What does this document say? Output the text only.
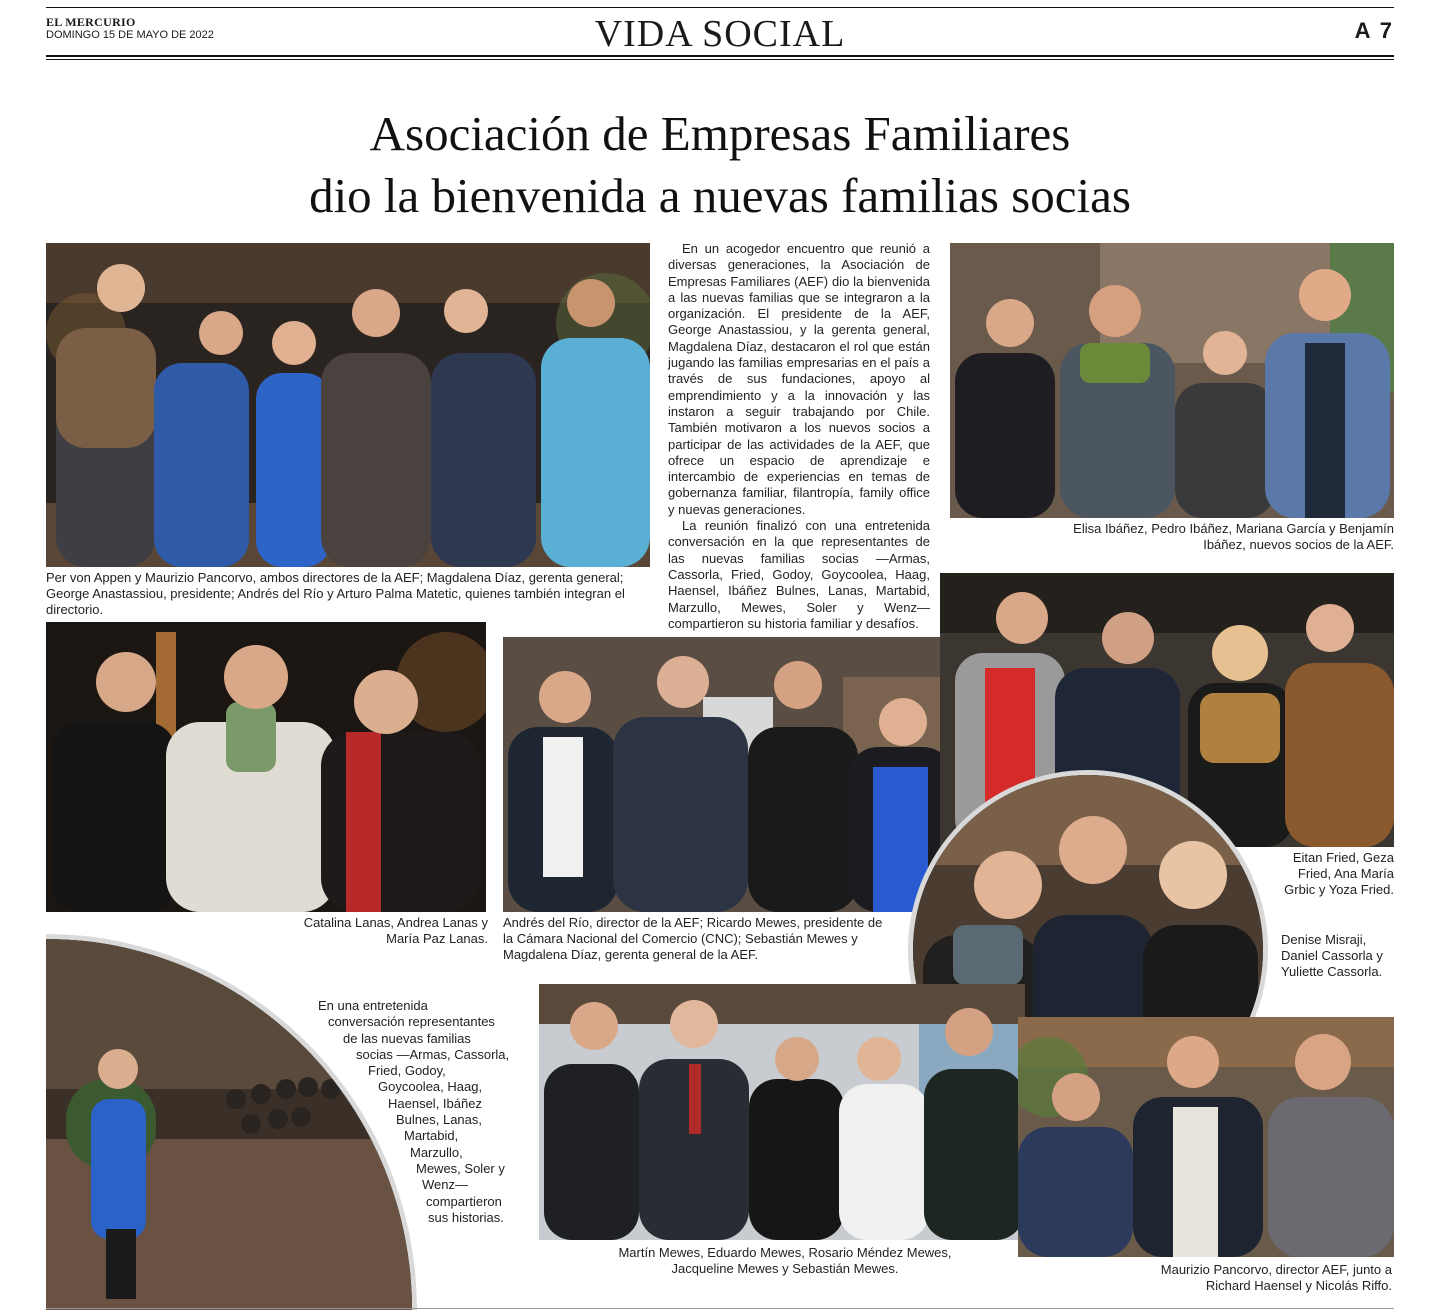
EL MERCURIO
DOMINGO 15 DE MAYO DE 2022	VIDA SOCIAL	A 7
Asociación de Empresas Familiares
dio la bienvenida a nuevas familias socias
Per von Appen y Maurizio Pancorvo, ambos directores de la AEF; Magdalena Díaz, gerenta general; George Anastassiou, presidente; Andrés del Río y Arturo Palma Matetic, quienes también integran el directorio.

En un acogedor encuentro que reunió a diversas generaciones, la Asociación de Empresas Familiares (AEF) dio la bienvenida a las nuevas familias que se integraron a la organización. El presidente de la AEF, George Anastassiou, y la gerenta general, Magdalena Díaz, destacaron el rol que están jugando las familias empresarias en el país a través de sus fundaciones, apoyo al emprendimiento y a la innovación y las instaron a seguir trabajando por Chile. También motivaron a los nuevos socios a participar de las actividades de la AEF, que ofrece un espacio de aprendizaje e intercambio de experiencias en temas de gobernanza familiar, filantropía, family office y nuevas generaciones.

La reunión finalizó con una entretenida conversación en la que representantes de las nuevas familias socias —Armas, Cassorla, Fried, Godoy, Goycoolea, Haag, Haensel, Ibáñez Bulnes, Lanas, Martabid, Marzullo, Mewes, Soler y Wenz— compartieron su historia familiar y desafíos.

Elisa Ibáñez, Pedro Ibáñez, Mariana García y Benjamín Ibáñez, nuevos socios de la AEF.
Catalina Lanas, Andrea Lanas y María Paz Lanas.
Andrés del Río, director de la AEF; Ricardo Mewes, presidente de la Cámara Nacional del Comercio (CNC); Sebastián Mewes y Magdalena Díaz, gerenta general de la AEF.
Eitan Fried, Geza Fried, Ana María Grbic y Yoza Fried.
Denise Misraji, Daniel Cassorla y Yuliette Cassorla.
En una entretenida
conversación representantes
de las nuevas familias
socias —Armas, Cassorla,
Fried, Godoy,
Goycoolea, Haag,
Haensel, Ibáñez
Bulnes, Lanas,
Martabid,
Marzullo,
Mewes, Soler y
Wenz—
compartieron
sus historias.
Martín Mewes, Eduardo Mewes, Rosario Méndez Mewes, Jacqueline Mewes y Sebastián Mewes.	Maurizio Pancorvo, director AEF, junto a Richard Haensel y Nicolás Riffo.
